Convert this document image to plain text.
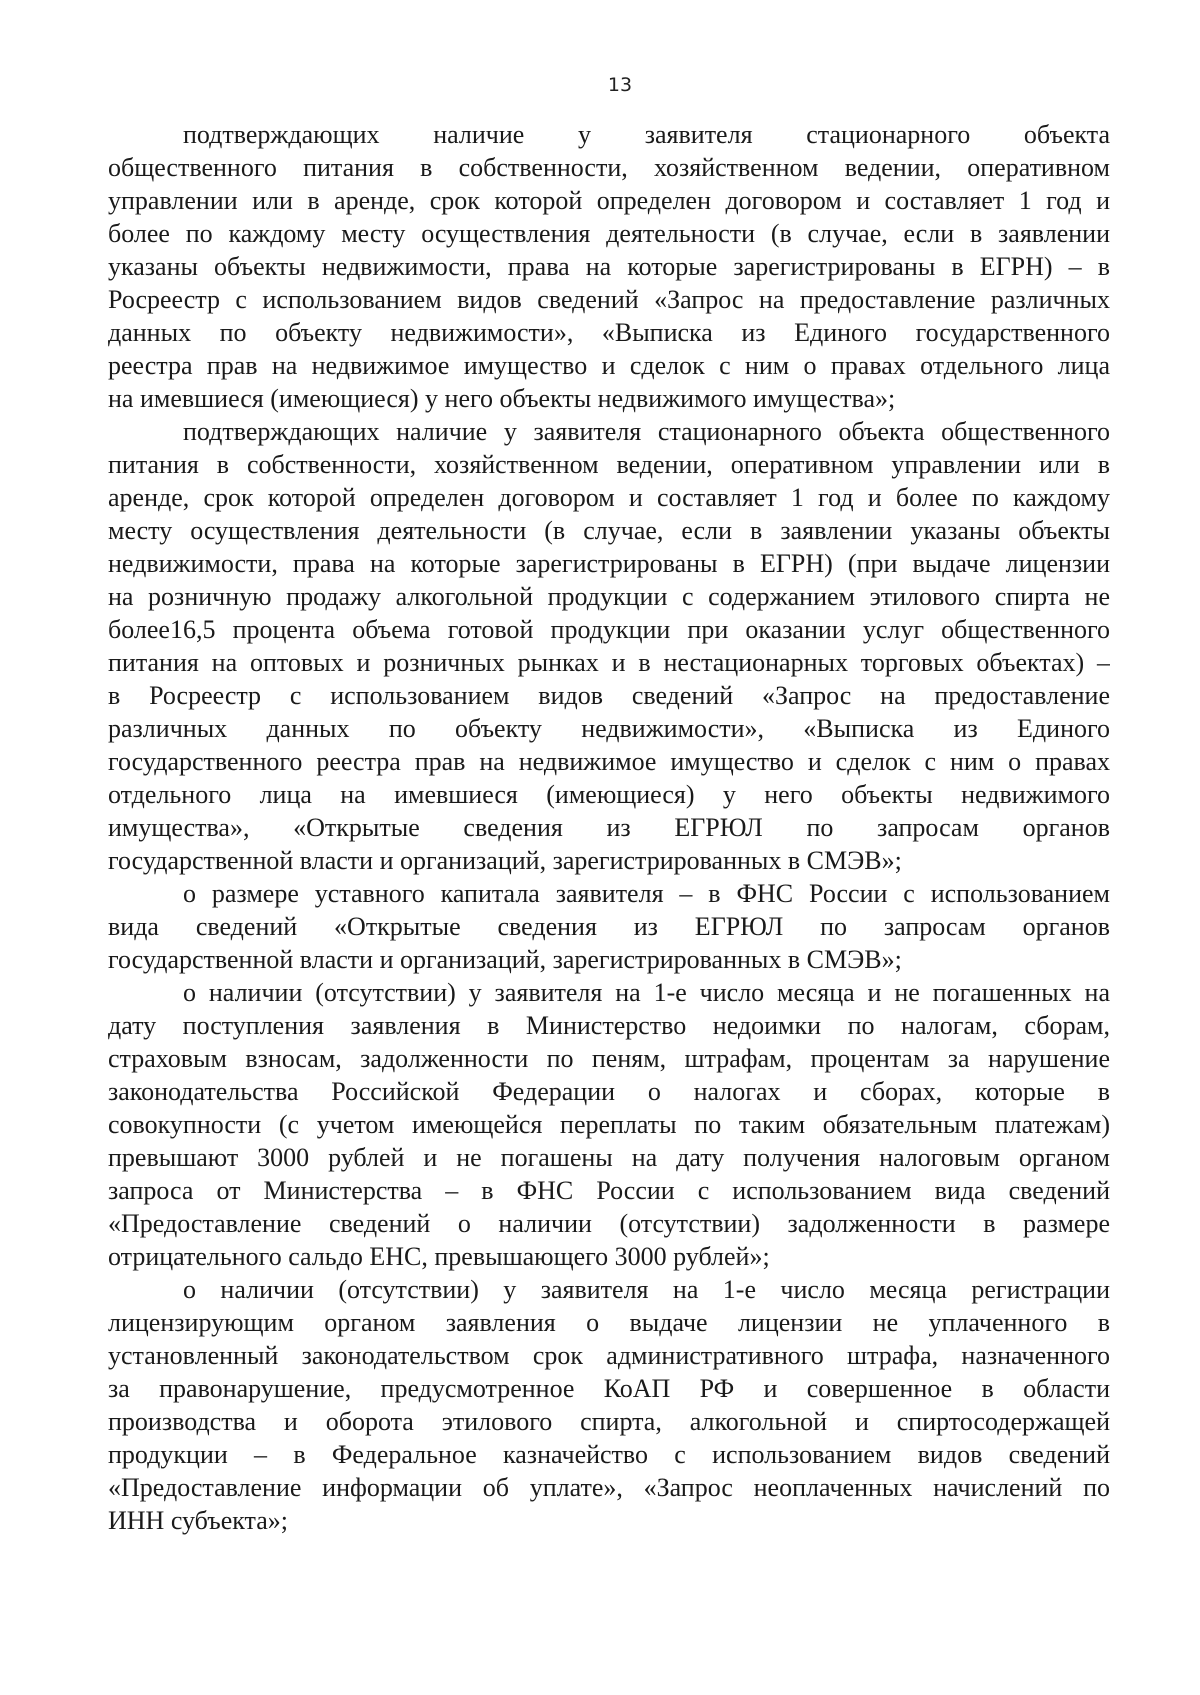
13
подтверждающих наличие у заявителя стационарного объекта
общественного питания в собственности, хозяйственном ведении, оперативном
управлении или в аренде, срок которой определен договором и составляет 1 год и
более по каждому месту осуществления деятельности (в случае, если в заявлении
указаны объекты недвижимости, права на которые зарегистрированы в ЕГРН) – в
Росреестр с использованием видов сведений «Запрос на предоставление различных
данных по объекту недвижимости», «Выписка из Единого государственного
реестра прав на недвижимое имущество и сделок с ним о правах отдельного лица
на имевшиеся (имеющиеся) у него объекты недвижимого имущества»;
подтверждающих наличие у заявителя стационарного объекта общественного
питания в собственности, хозяйственном ведении, оперативном управлении или в
аренде, срок которой определен договором и составляет 1 год и более по каждому
месту осуществления деятельности (в случае, если в заявлении указаны объекты
недвижимости, права на которые зарегистрированы в ЕГРН) (при выдаче лицензии
на розничную продажу алкогольной продукции с содержанием этилового спирта не
более16,5 процента объема готовой продукции при оказании услуг общественного
питания на оптовых и розничных рынках и в нестационарных торговых объектах) –
в Росреестр с использованием видов сведений «Запрос на предоставление
различных данных по объекту недвижимости», «Выписка из Единого
государственного реестра прав на недвижимое имущество и сделок с ним о правах
отдельного лица на имевшиеся (имеющиеся) у него объекты недвижимого
имущества», «Открытые сведения из ЕГРЮЛ по запросам органов
государственной власти и организаций, зарегистрированных в СМЭВ»;
о размере уставного капитала заявителя – в ФНС России с использованием
вида сведений «Открытые сведения из ЕГРЮЛ по запросам органов
государственной власти и организаций, зарегистрированных в СМЭВ»;
о наличии (отсутствии) у заявителя на 1-е число месяца и не погашенных на
дату поступления заявления в Министерство недоимки по налогам, сборам,
страховым взносам, задолженности по пеням, штрафам, процентам за нарушение
законодательства Российской Федерации о налогах и сборах, которые в
совокупности (с учетом имеющейся переплаты по таким обязательным платежам)
превышают 3000 рублей и не погашены на дату получения налоговым органом
запроса от Министерства – в ФНС России с использованием вида сведений
«Предоставление сведений о наличии (отсутствии) задолженности в размере
отрицательного сальдо ЕНС, превышающего 3000 рублей»;
о наличии (отсутствии) у заявителя на 1-е число месяца регистрации
лицензирующим органом заявления о выдаче лицензии не уплаченного в
установленный законодательством срок административного штрафа, назначенного
за правонарушение, предусмотренное КоАП РФ и совершенное в области
производства и оборота этилового спирта, алкогольной и спиртосодержащей
продукции – в Федеральное казначейство с использованием видов сведений
«Предоставление информации об уплате», «Запрос неоплаченных начислений по
ИНН субъекта»;
